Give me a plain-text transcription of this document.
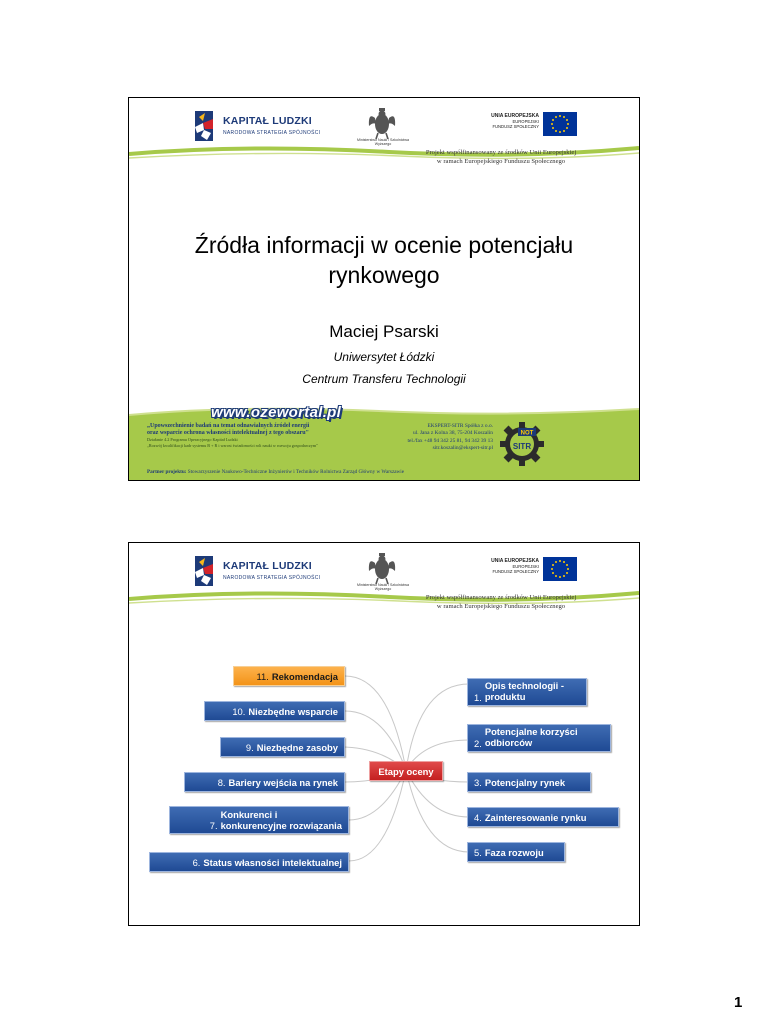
KAPITAŁ LUDZKI
NARODOWA STRATEGIA SPÓJNOŚCI
Ministerstwo Nauki i Szkolnictwa Wyższego
UNIA EUROPEJSKA
EUROPEJSKI
FUNDUSZ SPOŁECZNY
Projekt współfinansowany ze środków Unii Europejskiej
w ramach Europejskiego Funduszu Społecznego
Źródła informacji w ocenie potencjału
rynkowego
Maciej Psarski
Uniwersytet Łódzki
Centrum Transferu Technologii
www.ozewortal.pl
„Upowszechnienie badań na temat odnawialnych źródeł energii
oraz wsparcie ochrona własności intelektualnej z tego obszaru"
Działanie 4.2 Programu Operacyjnego Kapitał Ludzki
„Rozwój kwalifikacji kadr systemu B + R i wzrost świadomości roli nauki w rozwoju gospodarczym"
EKSPERT-SITR Spółka z o.o.
ul. Jana z Kolna 38, 75-204 Koszalin
tel./fax +48 94 342 25 81, 94 342 39 13
sitr.koszalin@ekspert-sitr.pl
NOT
SITR
Partner projektu: Stowarzyszenie Naukowo-Techniczne Inżynierów i Techników Rolnictwa Zarząd Główny w Warszawie
KAPITAŁ LUDZKI
NARODOWA STRATEGIA SPÓJNOŚCI
Ministerstwo Nauki i Szkolnictwa Wyższego
UNIA EUROPEJSKA
EUROPEJSKI
FUNDUSZ SPOŁECZNY
Projekt współfinansowany ze środków Unii Europejskiej
w ramach Europejskiego Funduszu Społecznego
11. Rekomendacja
10. Niezbędne wsparcie
9. Niezbędne zasoby
8. Bariery wejścia na rynek
7.
Konkurenci i
konkurencyjne rozwiązania
6. Status własności intelektualnej
Etapy oceny
1.
Opis technologii -
produktu
2.
Potencjalne korzyści
odbiorców
3. Potencjalny rynek
4. Zainteresowanie rynku
5. Faza rozwoju
1
